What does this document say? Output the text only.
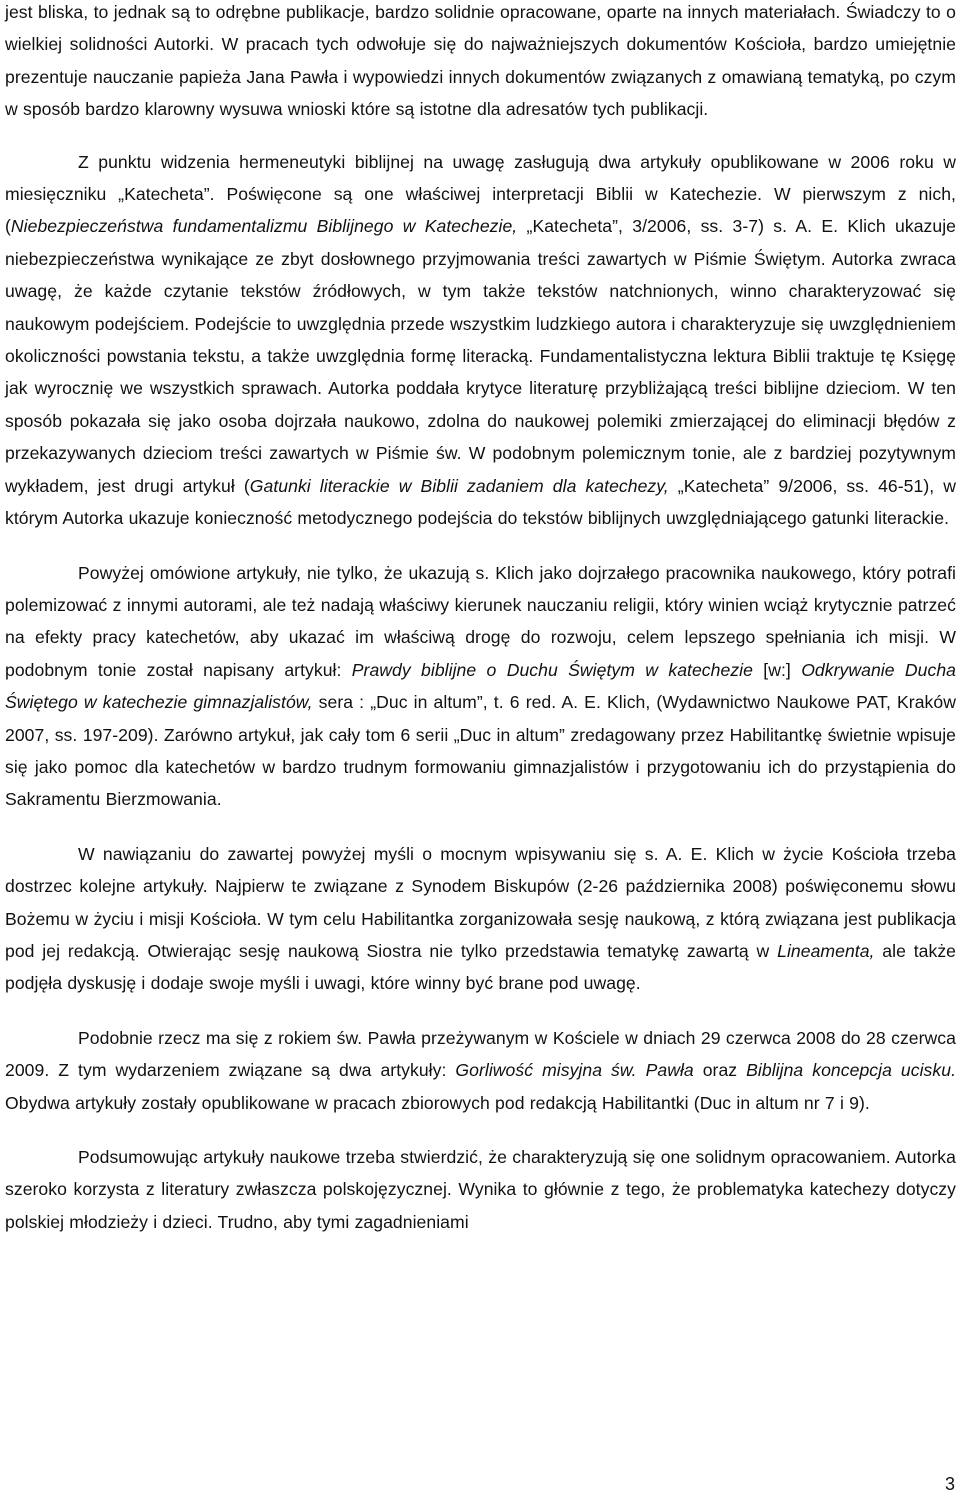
jest bliska, to jednak są to odrębne publikacje, bardzo solidnie opracowane, oparte na innych materiałach. Świadczy to o wielkiej solidności Autorki. W pracach tych odwołuje się do najważniejszych dokumentów Kościoła, bardzo umiejętnie prezentuje nauczanie papieża Jana Pawła i wypowiedzi innych dokumentów związanych z omawianą tematyką, po czym w sposób bardzo klarowny wysuwa wnioski które są istotne dla adresatów tych publikacji.

Z punktu widzenia hermeneutyki biblijnej na uwagę zasługują dwa artykuły opublikowane w 2006 roku w miesięczniku „Katecheta”. Poświęcone są one właściwej interpretacji Biblii w Katechezie. W pierwszym z nich, (Niebezpieczeństwa fundamentalizmu Biblijnego w Katechezie, „Katecheta”, 3/2006, ss. 3-7) s. A. E. Klich ukazuje niebezpieczeństwa wynikające ze zbyt dosłownego przyjmowania treści zawartych w Piśmie Świętym. Autorka zwraca uwagę, że każde czytanie tekstów źródłowych, w tym także tekstów natchnionych, winno charakteryzować się naukowym podejściem. Podejście to uwzględnia przede wszystkim ludzkiego autora i charakteryzuje się uwzględnieniem okoliczności powstania tekstu, a także uwzględnia formę literacką. Fundamentalistyczna lektura Biblii traktuje tę Księgę jak wyrocznię we wszystkich sprawach. Autorka poddała krytyce literaturę przybliżającą treści biblijne dzieciom. W ten sposób pokazała się jako osoba dojrzała naukowo, zdolna do naukowej polemiki zmierzającej do eliminacji błędów z przekazywanych dzieciom treści zawartych w Piśmie św. W podobnym polemicznym tonie, ale z bardziej pozytywnym wykładem, jest drugi artykuł (Gatunki literackie w Biblii zadaniem dla katechezy, „Katecheta” 9/2006, ss. 46-51), w którym Autorka ukazuje konieczność metodycznego podejścia do tekstów biblijnych uwzględniającego gatunki literackie.

Powyżej omówione artykuły, nie tylko, że ukazują s. Klich jako dojrzałego pracownika naukowego, który potrafi polemizować z innymi autorami, ale też nadają właściwy kierunek nauczaniu religii, który winien wciąż krytycznie patrzeć na efekty pracy katechetów, aby ukazać im właściwą drogę do rozwoju, celem lepszego spełniania ich misji. W podobnym tonie został napisany artykuł: Prawdy biblijne o Duchu Świętym w katechezie [w:] Odkrywanie Ducha Świętego w katechezie gimnazjalistów, sera : „Duc in altum”, t. 6 red. A. E. Klich, (Wydawnictwo Naukowe PAT, Kraków 2007, ss. 197-209). Zarówno artykuł, jak cały tom 6 serii „Duc in altum” zredagowany przez Habilitantkę świetnie wpisuje się jako pomoc dla katechetów w bardzo trudnym formowaniu gimnazjalistów i przygotowaniu ich do przystąpienia do Sakramentu Bierzmowania.

W nawiązaniu do zawartej powyżej myśli o mocnym wpisywaniu się s. A. E. Klich w życie Kościoła trzeba dostrzec kolejne artykuły. Najpierw te związane z Synodem Biskupów (2-26 października 2008) poświęconemu słowu Bożemu w życiu i misji Kościoła. W tym celu Habilitantka zorganizowała sesję naukową, z którą związana jest publikacja pod jej redakcją. Otwierając sesję naukową Siostra nie tylko przedstawia tematykę zawartą w Lineamenta, ale także podjęła dyskusję i dodaje swoje myśli i uwagi, które winny być brane pod uwagę.

Podobnie rzecz ma się z rokiem św. Pawła przeżywanym w Kościele w dniach 29 czerwca 2008 do 28 czerwca 2009. Z tym wydarzeniem związane są dwa artykuły: Gorliwość misyjna św. Pawła oraz Biblijna koncepcja ucisku. Obydwa artykuły zostały opublikowane w pracach zbiorowych pod redakcją Habilitantki (Duc in altum nr 7 i 9).

Podsumowując artykuły naukowe trzeba stwierdzić, że charakteryzują się one solidnym opracowaniem. Autorka szeroko korzysta z literatury zwłaszcza polskojęzycznej. Wynika to głównie z tego, że problematyka katechezy dotyczy polskiej młodzieży i dzieci. Trudno, aby tymi zagadnieniami

3
